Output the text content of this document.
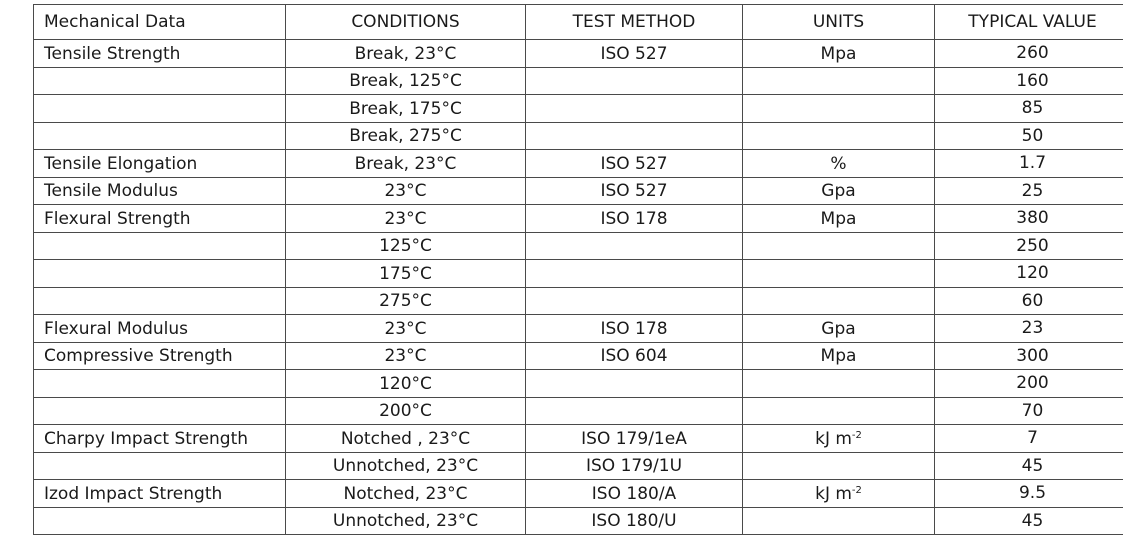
Mechanical Data	CONDITIONS	TEST METHOD	UNITS	TYPICAL VALUE
Tensile Strength	Break, 23°C	ISO 527	Mpa	260
	Break, 125°C			160
	Break, 175°C			85
	Break, 275°C			50
Tensile Elongation	Break, 23°C	ISO 527	%	1.7
Tensile Modulus	23°C	ISO 527	Gpa	25
Flexural Strength	23°C	ISO 178	Mpa	380
	125°C			250
	175°C			120
	275°C			60
Flexural Modulus	23°C	ISO 178	Gpa	23
Compressive Strength	23°C	ISO 604	Mpa	300
	120°C			200
	200°C			70
Charpy Impact Strength	Notched , 23°C	ISO 179/1eA	kJ $m^{-2}$	7
	Unnotched, 23°C	ISO 179/1U		45
Izod Impact Strength	Notched, 23°C	ISO 180/A	kJ $m^{-2}$	9.5
	Unnotched, 23°C	ISO 180/U		45
